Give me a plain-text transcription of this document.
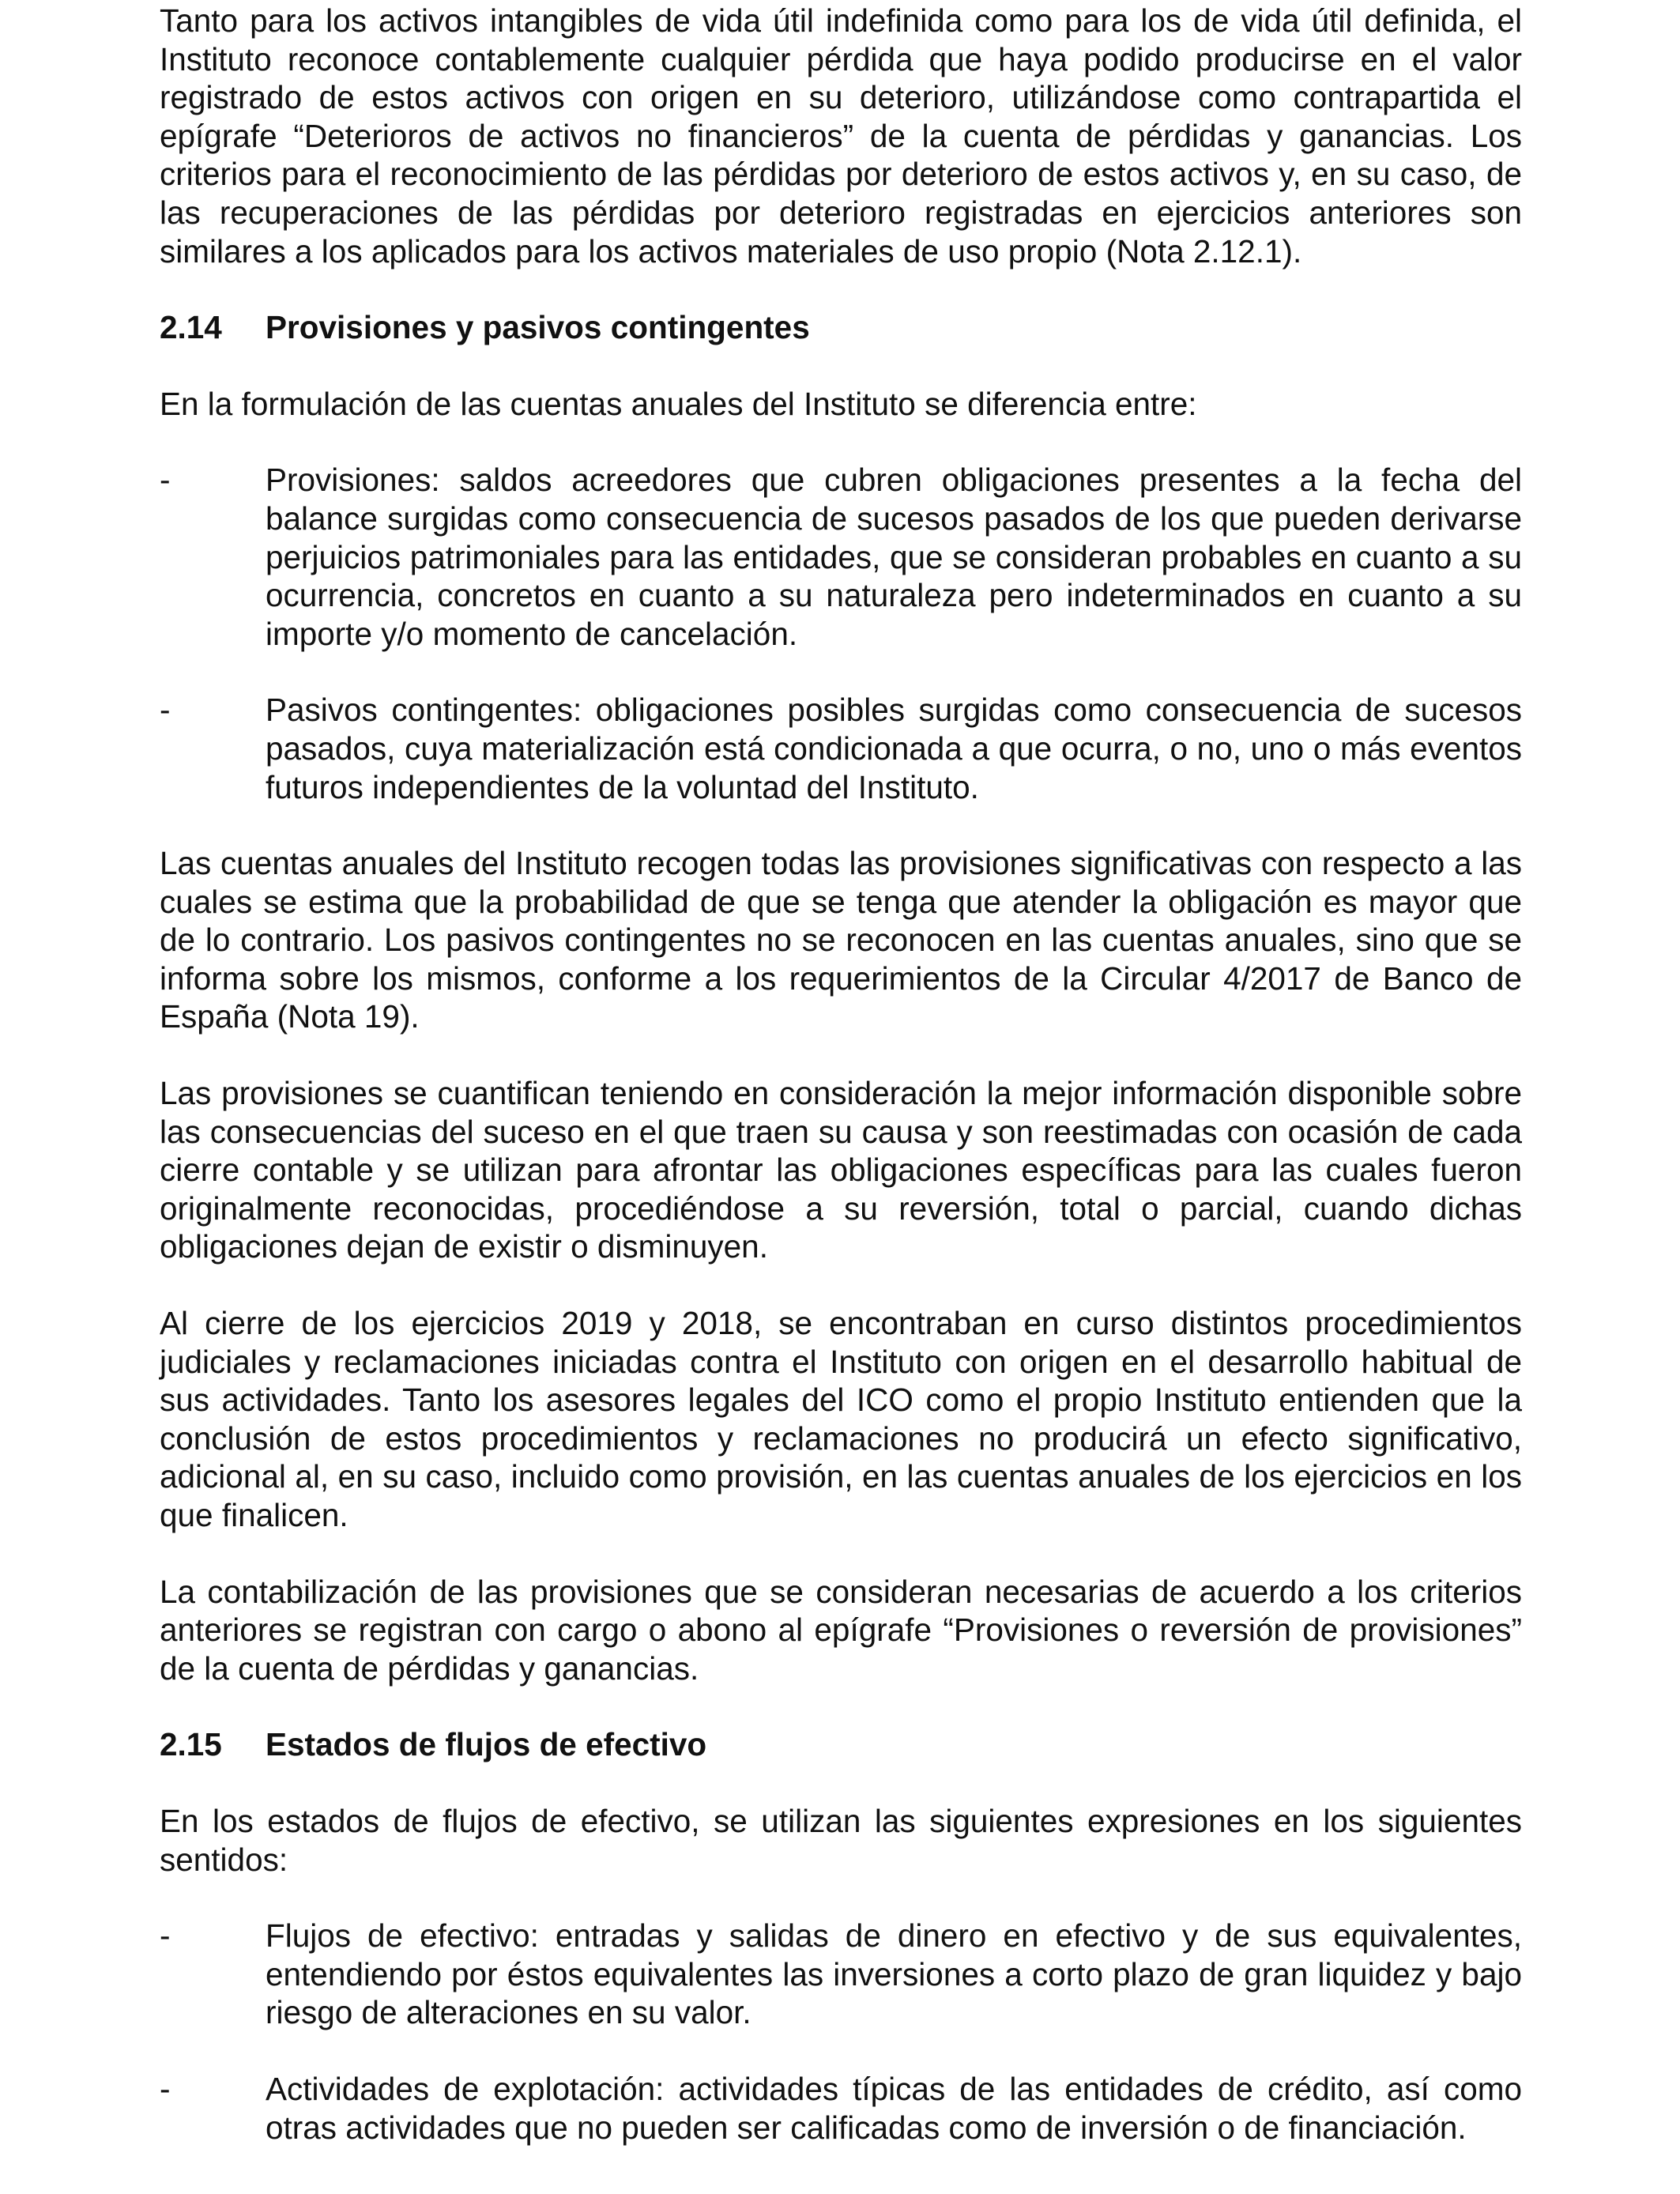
Tanto para los activos intangibles de vida útil indefinida como para los de vida útil definida, el Instituto reconoce contablemente cualquier pérdida que haya podido producirse en el valor registrado de estos activos con origen en su deterioro, utilizándose como contrapartida el epígrafe “Deterioros de activos no financieros” de la cuenta de pérdidas y ganancias. Los criterios para el reconocimiento de las pérdidas por deterioro de estos activos y, en su caso, de las recuperaciones de las pérdidas por deterioro registradas en ejercicios anteriores son similares a los aplicados para los activos materiales de uso propio (Nota 2.12.1).

2.14	Provisiones y pasivos contingentes

En la formulación de las cuentas anuales del Instituto se diferencia entre:

-	Provisiones: saldos acreedores que cubren obligaciones presentes a la fecha del balance surgidas como consecuencia de sucesos pasados de los que pueden derivarse perjuicios patrimoniales para las entidades, que se consideran probables en cuanto a su ocurrencia, concretos en cuanto a su naturaleza pero indeterminados en cuanto a su importe y/o momento de cancelación.
-	Pasivos contingentes: obligaciones posibles surgidas como consecuencia de sucesos pasados, cuya materialización está condicionada a que ocurra, o no, uno o más eventos futuros independientes de la voluntad del Instituto.

Las cuentas anuales del Instituto recogen todas las provisiones significativas con respecto a las cuales se estima que la probabilidad de que se tenga que atender la obligación es mayor que de lo contrario. Los pasivos contingentes no se reconocen en las cuentas anuales, sino que se informa sobre los mismos, conforme a los requerimientos de la Circular 4/2017 de Banco de España (Nota 19).

Las provisiones se cuantifican teniendo en consideración la mejor información disponible sobre las consecuencias del suceso en el que traen su causa y son reestimadas con ocasión de cada cierre contable y se utilizan para afrontar las obligaciones específicas para las cuales fueron originalmente reconocidas, procediéndose a su reversión, total o parcial, cuando dichas obligaciones dejan de existir o disminuyen.

Al cierre de los ejercicios 2019 y 2018, se encontraban en curso distintos procedimientos judiciales y reclamaciones iniciadas contra el Instituto con origen en el desarrollo habitual de sus actividades. Tanto los asesores legales del ICO como el propio Instituto entienden que la conclusión de estos procedimientos y reclamaciones no producirá un efecto significativo, adicional al, en su caso, incluido como provisión, en las cuentas anuales de los ejercicios en los que finalicen.

La contabilización de las provisiones que se consideran necesarias de acuerdo a los criterios anteriores se registran con cargo o abono al epígrafe “Provisiones o reversión de provisiones” de la cuenta de pérdidas y ganancias.

2.15	Estados de flujos de efectivo

En los estados de flujos de efectivo, se utilizan las siguientes expresiones en los siguientes sentidos:

-	Flujos de efectivo: entradas y salidas de dinero en efectivo y de sus equivalentes, entendiendo por éstos equivalentes las inversiones a corto plazo de gran liquidez y bajo riesgo de alteraciones en su valor.
-	Actividades de explotación: actividades típicas de las entidades de crédito, así como otras actividades que no pueden ser calificadas como de inversión o de financiación.
